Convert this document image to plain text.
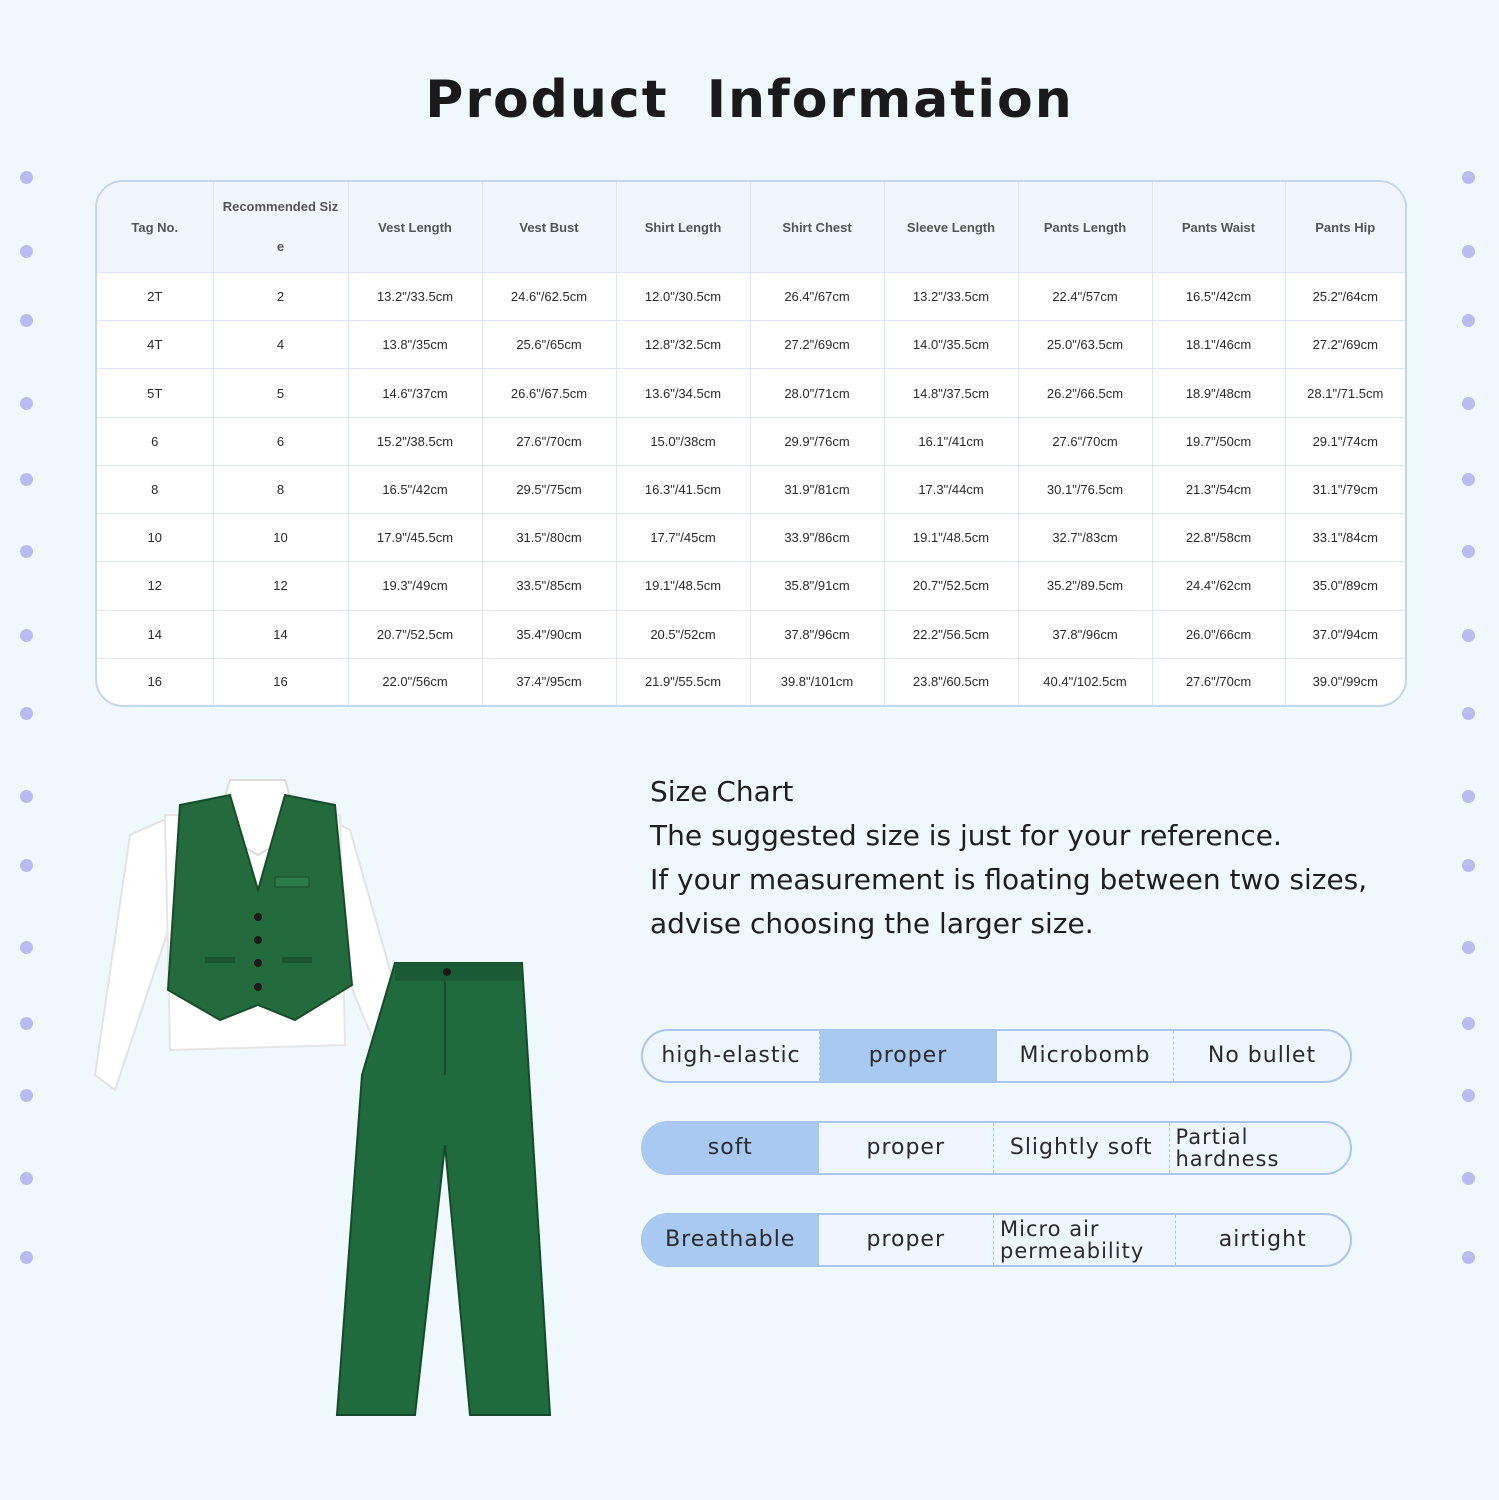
Product Information
Tag No.	Recommended Siz e	Vest Length	Vest Bust	Shirt Length	Shirt Chest	Sleeve Length	Pants Length	Pants Waist	Pants Hip
2T	2	13.2"/33.5cm	24.6"/62.5cm	12.0"/30.5cm	26.4"/67cm	13.2"/33.5cm	22.4"/57cm	16.5"/42cm	25.2"/64cm
4T	4	13.8"/35cm	25.6"/65cm	12.8"/32.5cm	27.2"/69cm	14.0"/35.5cm	25.0"/63.5cm	18.1"/46cm	27.2"/69cm
5T	5	14.6"/37cm	26.6"/67.5cm	13.6"/34.5cm	28.0"/71cm	14.8"/37.5cm	26.2"/66.5cm	18.9"/48cm	28.1"/71.5cm
6	6	15.2"/38.5cm	27.6"/70cm	15.0"/38cm	29.9"/76cm	16.1"/41cm	27.6"/70cm	19.7"/50cm	29.1"/74cm
8	8	16.5"/42cm	29.5"/75cm	16.3"/41.5cm	31.9"/81cm	17.3"/44cm	30.1"/76.5cm	21.3"/54cm	31.1"/79cm
10	10	17.9"/45.5cm	31.5"/80cm	17.7"/45cm	33.9"/86cm	19.1"/48.5cm	32.7"/83cm	22.8"/58cm	33.1"/84cm
12	12	19.3"/49cm	33.5"/85cm	19.1"/48.5cm	35.8"/91cm	20.7"/52.5cm	35.2"/89.5cm	24.4"/62cm	35.0"/89cm
14	14	20.7"/52.5cm	35.4"/90cm	20.5"/52cm	37.8"/96cm	22.2"/56.5cm	37.8"/96cm	26.0"/66cm	37.0"/94cm
16	16	22.0"/56cm	37.4"/95cm	21.9"/55.5cm	39.8"/101cm	23.8"/60.5cm	40.4"/102.5cm	27.6"/70cm	39.0"/99cm
Size Chart
The suggested size is just for your reference.
If your measurement is floating between two sizes,
advise choosing the larger size.
high-elastic	proper	Microbomb	No bullet
soft	proper	Slightly soft	Partial hardness
Breathable	proper	Micro air permeability	airtight
